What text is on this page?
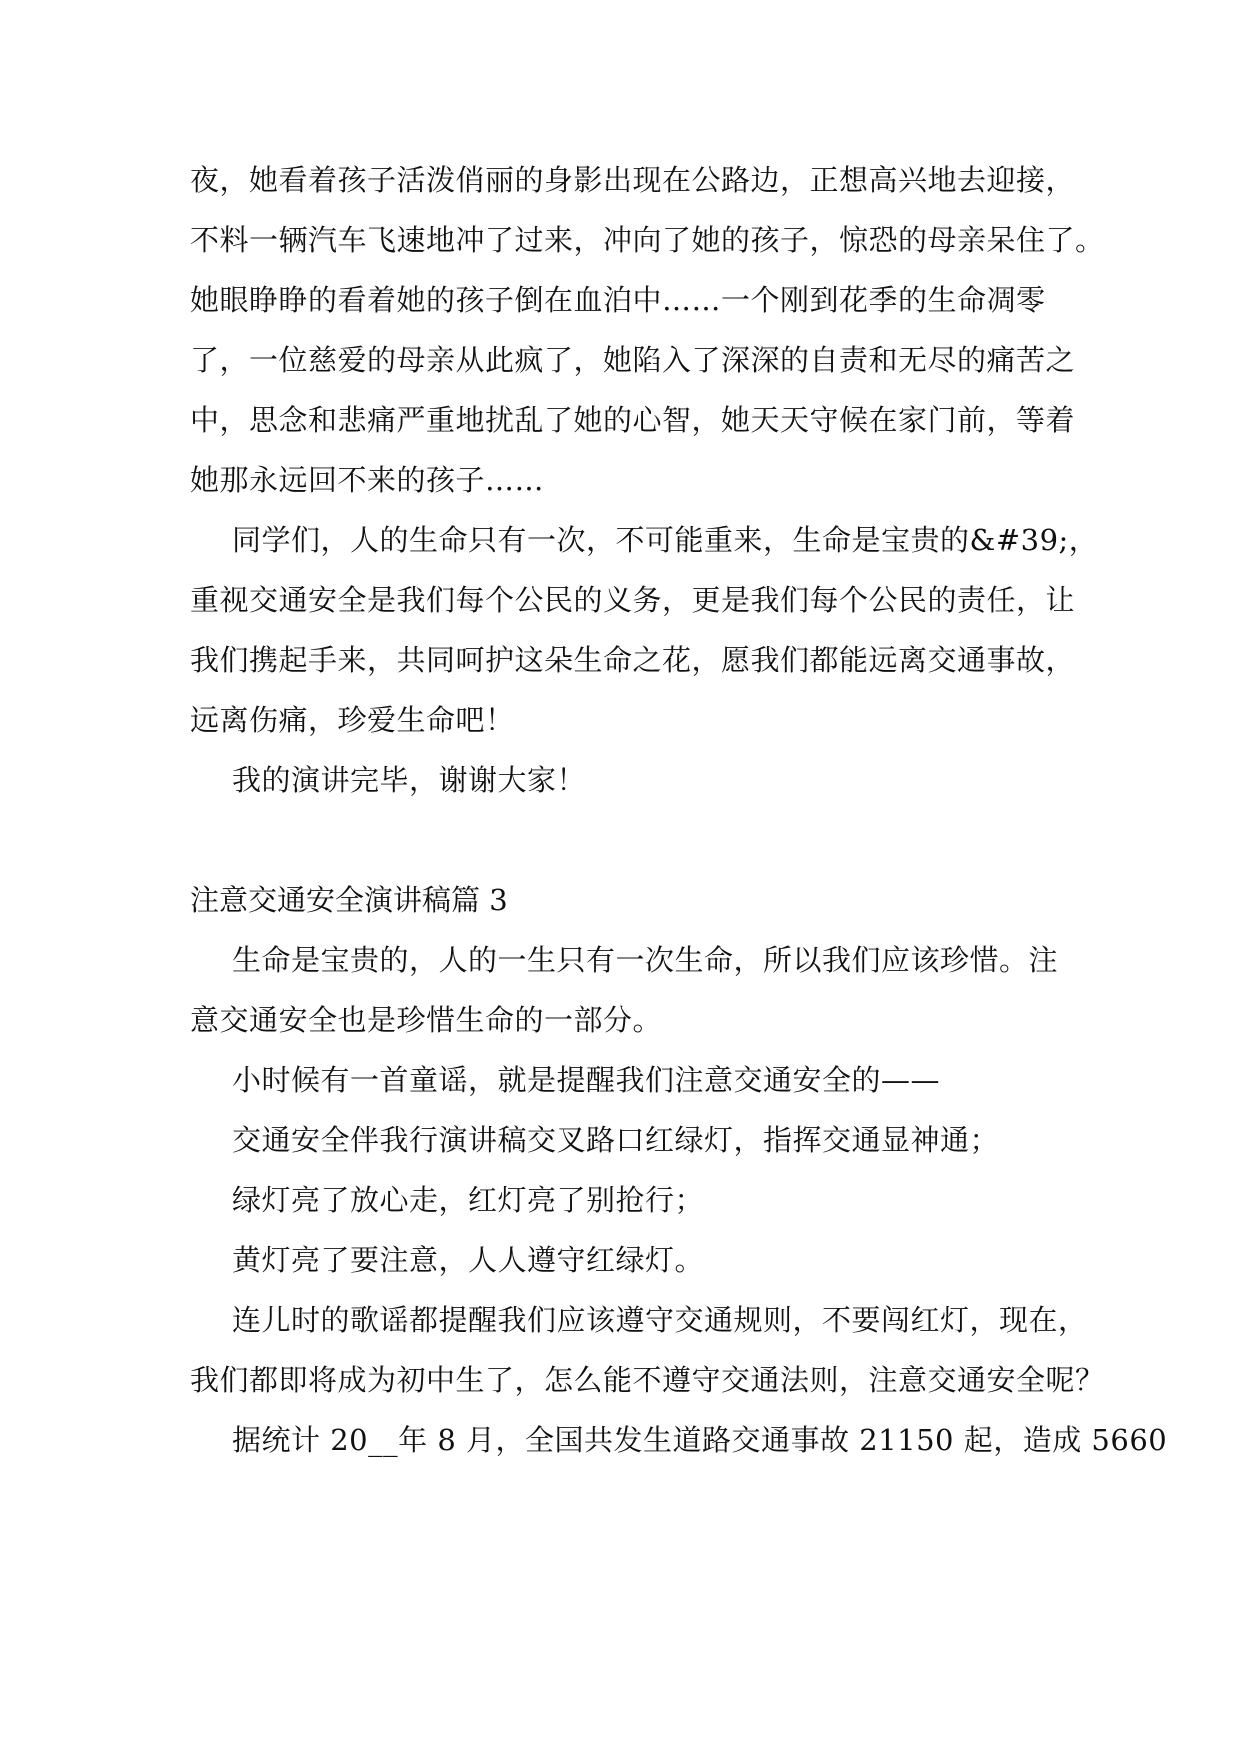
夜，她看着孩子活泼俏丽的身影出现在公路边，正想高兴地去迎接，
不料一辆汽车飞速地冲了过来，冲向了她的孩子，惊恐的母亲呆住了。
她眼睁睁的看着她的孩子倒在血泊中……一个刚到花季的生命凋零
了，一位慈爱的母亲从此疯了，她陷入了深深的自责和无尽的痛苦之
中，思念和悲痛严重地扰乱了她的心智，她天天守候在家门前，等着
她那永远回不来的孩子……
同学们，人的生命只有一次，不可能重来，生命是宝贵的&#39;，
重视交通安全是我们每个公民的义务，更是我们每个公民的责任，让
我们携起手来，共同呵护这朵生命之花，愿我们都能远离交通事故，
远离伤痛，珍爱生命吧！
我的演讲完毕，谢谢大家！
注意交通安全演讲稿篇 3
生命是宝贵的，人的一生只有一次生命，所以我们应该珍惜。注
意交通安全也是珍惜生命的一部分。
小时候有一首童谣，就是提醒我们注意交通安全的——
交通安全伴我行演讲稿交叉路口红绿灯，指挥交通显神通；
绿灯亮了放心走，红灯亮了别抢行；
黄灯亮了要注意，人人遵守红绿灯。
连儿时的歌谣都提醒我们应该遵守交通规则，不要闯红灯，现在，
我们都即将成为初中生了，怎么能不遵守交通法则，注意交通安全呢？
据统计 20__年 8 月，全国共发生道路交通事故 21150 起，造成 5660
